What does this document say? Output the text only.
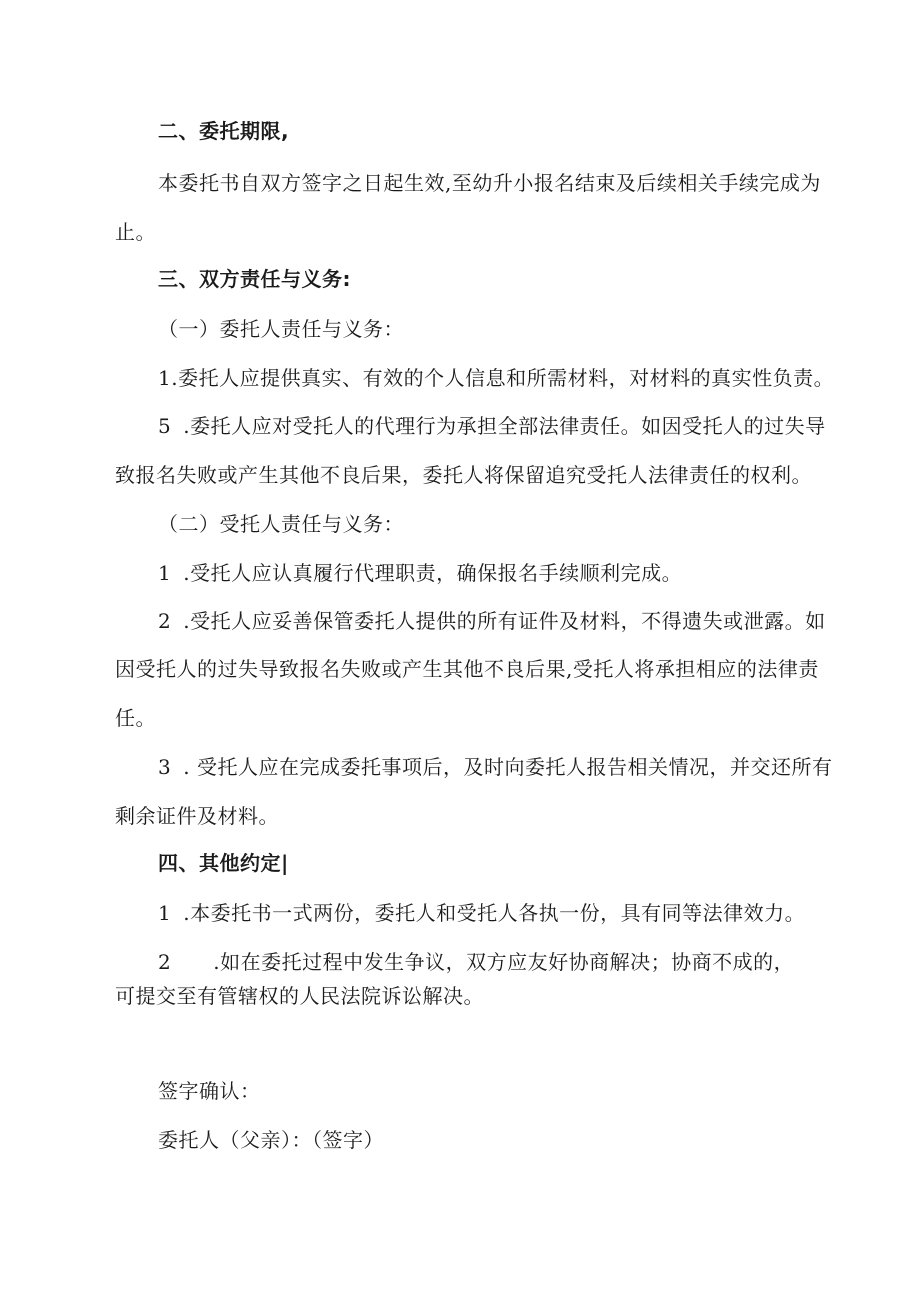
二、委托期限,
本委托书自双方签字之日起生效,至幼升小报名结束及后续相关手续完成为
止。
三、双方责任与义务:
（一）委托人责任与义务：
1.委托人应提供真实、有效的个人信息和所需材料，对材料的真实性负责。
5 .委托人应对受托人的代理行为承担全部法律责任。如因受托人的过失导
致报名失败或产生其他不良后果，委托人将保留追究受托人法律责任的权利。
（二）受托人责任与义务：
1 .受托人应认真履行代理职责，确保报名手续顺利完成。
2 .受托人应妥善保管委托人提供的所有证件及材料，不得遗失或泄露。如
因受托人的过失导致报名失败或产生其他不良后果,受托人将承担相应的法律责
任。
3 . 受托人应在完成委托事项后，及时向委托人报告相关情况，并交还所有
剩余证件及材料。
四、其他约定|
1 .本委托书一式两份，委托人和受托人各执一份，具有同等法律效力。
2 .如在委托过程中发生争议，双方应友好协商解决；协商不成的，
可提交至有管辖权的人民法院诉讼解决。
签字确认：
委托人（父亲）：（签字）
